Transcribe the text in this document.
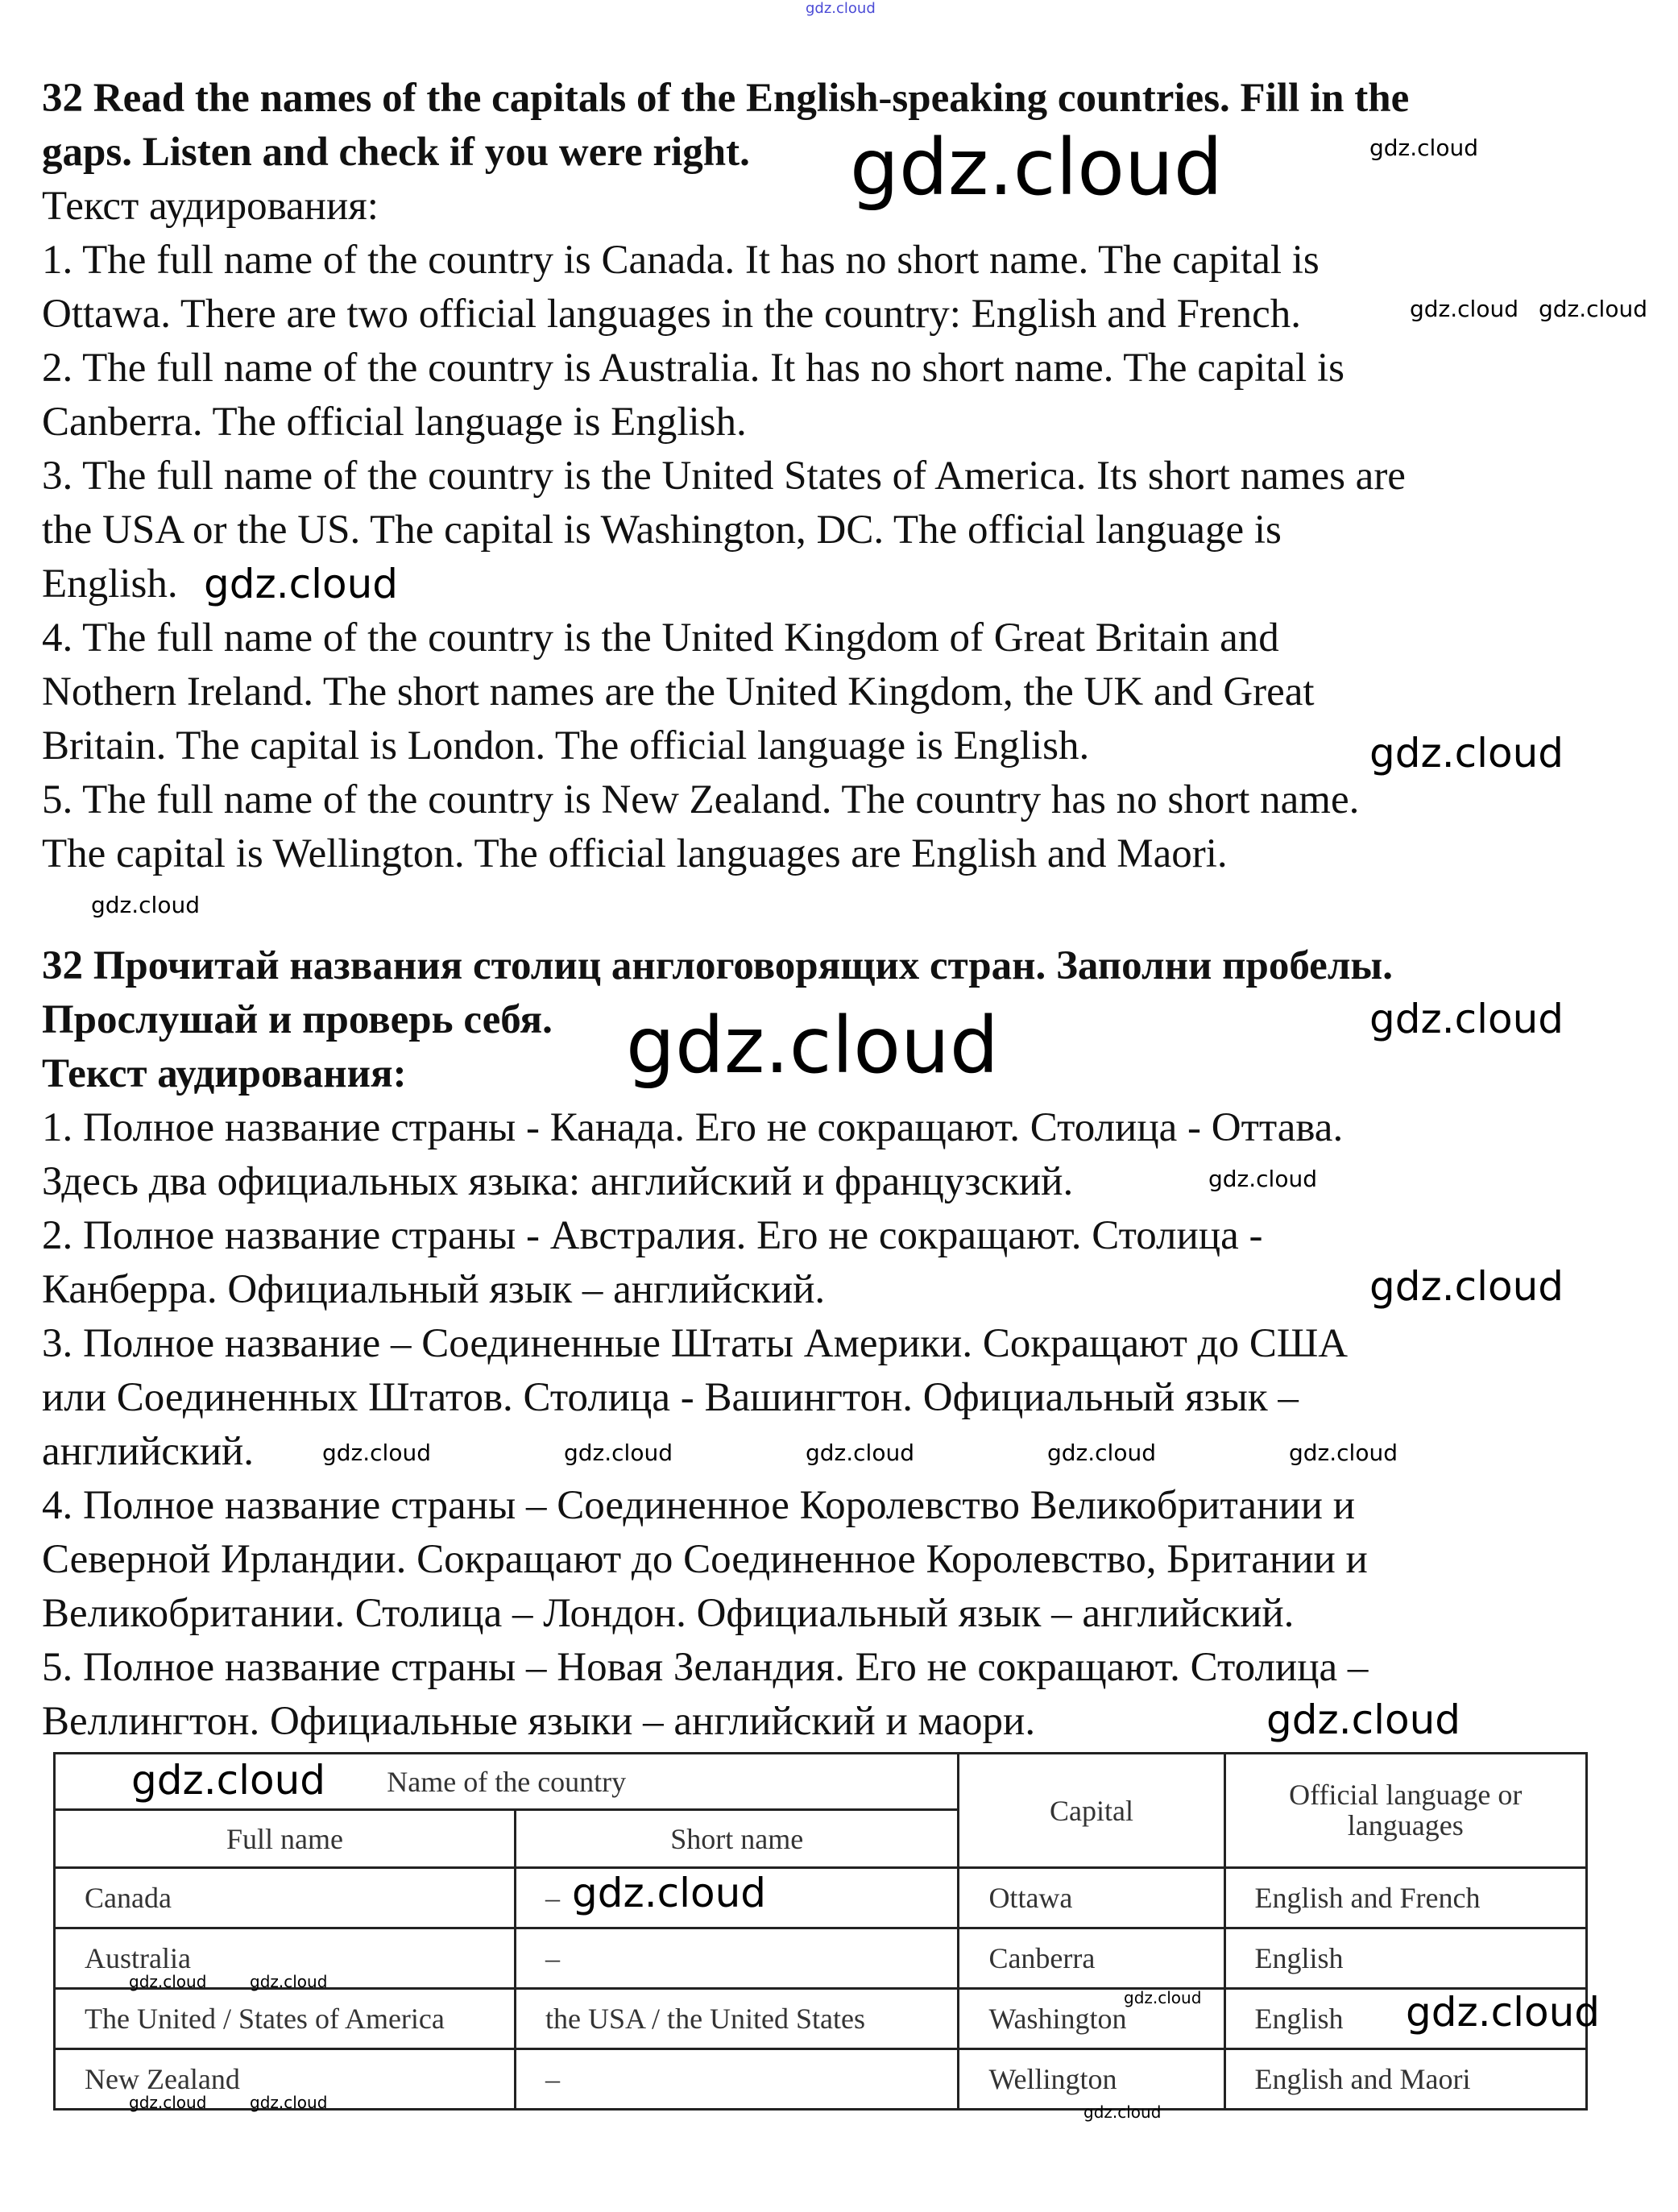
gdz.cloud
32 Read the names of the capitals of the English-speaking countries. Fill in the
gaps. Listen and check if you were right.
Текст аудирования:
1. The full name of the country is Canada. It has no short name. The capital is
Ottawa. There are two official languages in the country: English and French.
2. The full name of the country is Australia. It has no short name. The capital is
Canberra. The official language is English.
3. The full name of the country is the United States of America. Its short names are
the USA or the US. The capital is Washington, DC. The official language is
English.
4. The full name of the country is the United Kingdom of Great Britain and
Nothern Ireland. The short names are the United Kingdom, the UK and Great
Britain. The capital is London. The official language is English.
5. The full name of the country is New Zealand. The country has no short name.
The capital is Wellington. The official languages are English and Maori.
32 Прочитай названия столиц англоговорящих стран. Заполни пробелы.
Прослушай и проверь себя.
Текст аудирования:
1. Полное название страны - Канада. Его не сокращают. Столица - Оттава.
Здесь два официальных языка: английский и французский.
2. Полное название страны - Австралия. Его не сокращают. Столица -
Канберра. Официальный язык – английский.
3. Полное название – Соединенные Штаты Америки. Сокращают до США
или Соединенных Штатов. Столица - Вашингтон. Официальный язык –
английский.
4. Полное название страны – Соединенное Королевство Великобритании и
Северной Ирландии. Сокращают до Соединенное Королевство, Британии и
Великобритании. Столица – Лондон. Официальный язык – английский.
5. Полное название страны – Новая Зеландия. Его не сокращают. Столица –
Веллингтон. Официальные языки – английский и маори.
Name of the country		Capital	Official language or languages
Full name	Short name		
Canada	–	Ottawa	English and French
Australia	–	Canberra	English
The United / States of America	the USA / the United States	Washington	English
New Zealand	–	Wellington	English and Maori
gdz.cloud
gdz.cloud
gdz.cloud
gdz.cloud
gdz.cloud
gdz.cloud
gdz.cloud
gdz.cloud
gdz.cloud
gdz.cloud
gdz.cloud
gdz.cloud gdz.cloud
gdz.cloud
gdz.cloud
gdz.cloud	gdz.cloud	gdz.cloud	gdz.cloud	gdz.cloud
gdz.cloud	gdz.cloud
gdz.cloud
gdz.cloud	gdz.cloud	gdz.cloud
